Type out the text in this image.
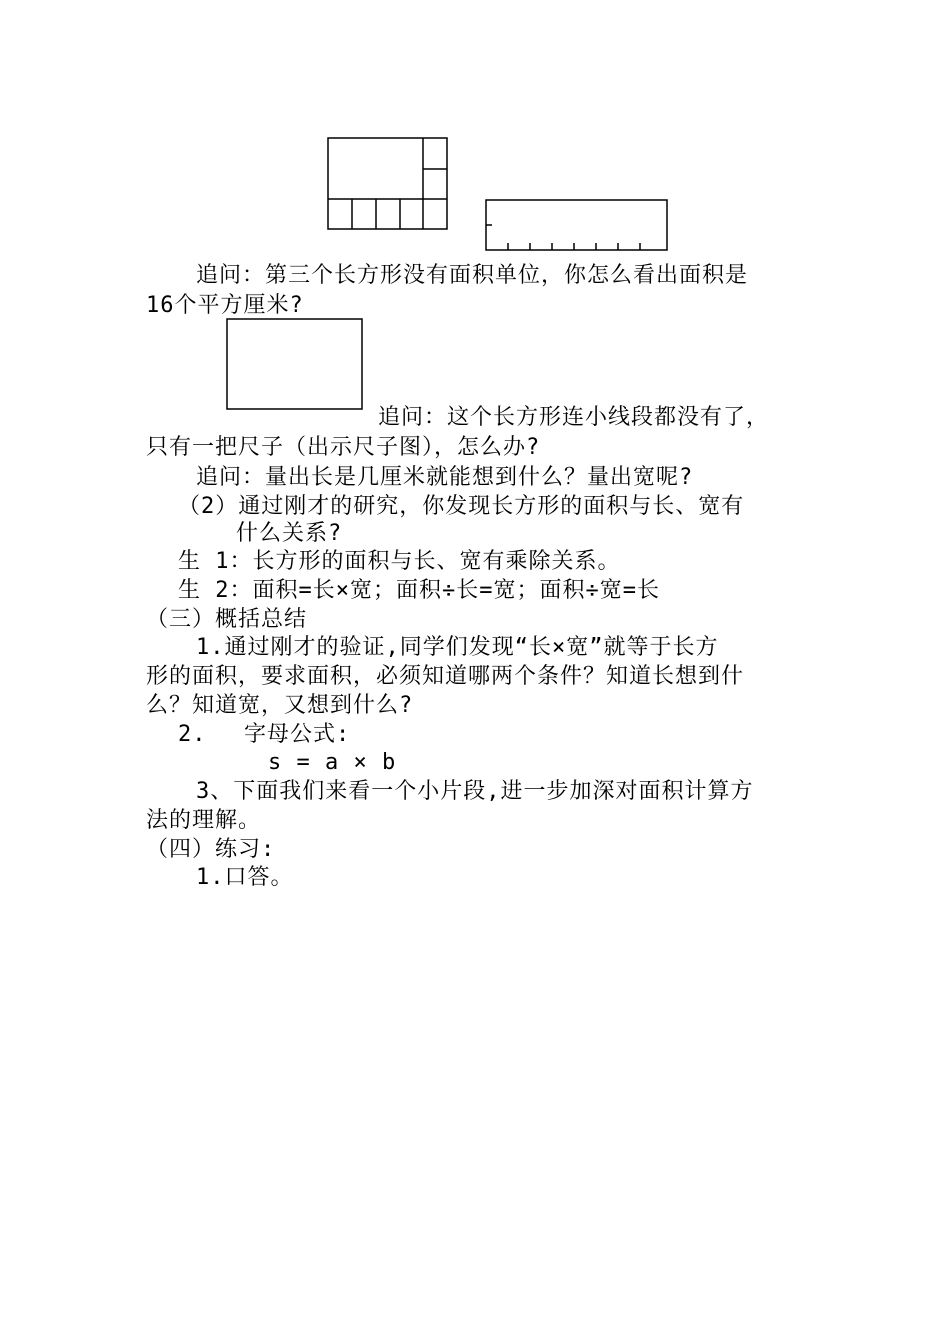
追问：第三个长方形没有面积单位，你怎么看出面积是
16个平方厘米?
追问：这个长方形连小线段都没有了，
只有一把尺子（出示尺子图），怎么办?
追问：量出长是几厘米就能想到什么？量出宽呢?
（2）通过刚才的研究，你发现长方形的面积与长、宽有
什么关系?
生 1：长方形的面积与长、宽有乘除关系。
生 2：面积=长×宽；面积÷长=宽；面积÷宽=长
（三）概括总结
1.通过刚才的验证,同学们发现“长×宽”就等于长方
形的面积，要求面积，必须知道哪两个条件？知道长想到什
么？知道宽，又想到什么?
2. 字母公式:
s = a × b
3、下面我们来看一个小片段,进一步加深对面积计算方
法的理解。
（四）练习:
1.口答。
